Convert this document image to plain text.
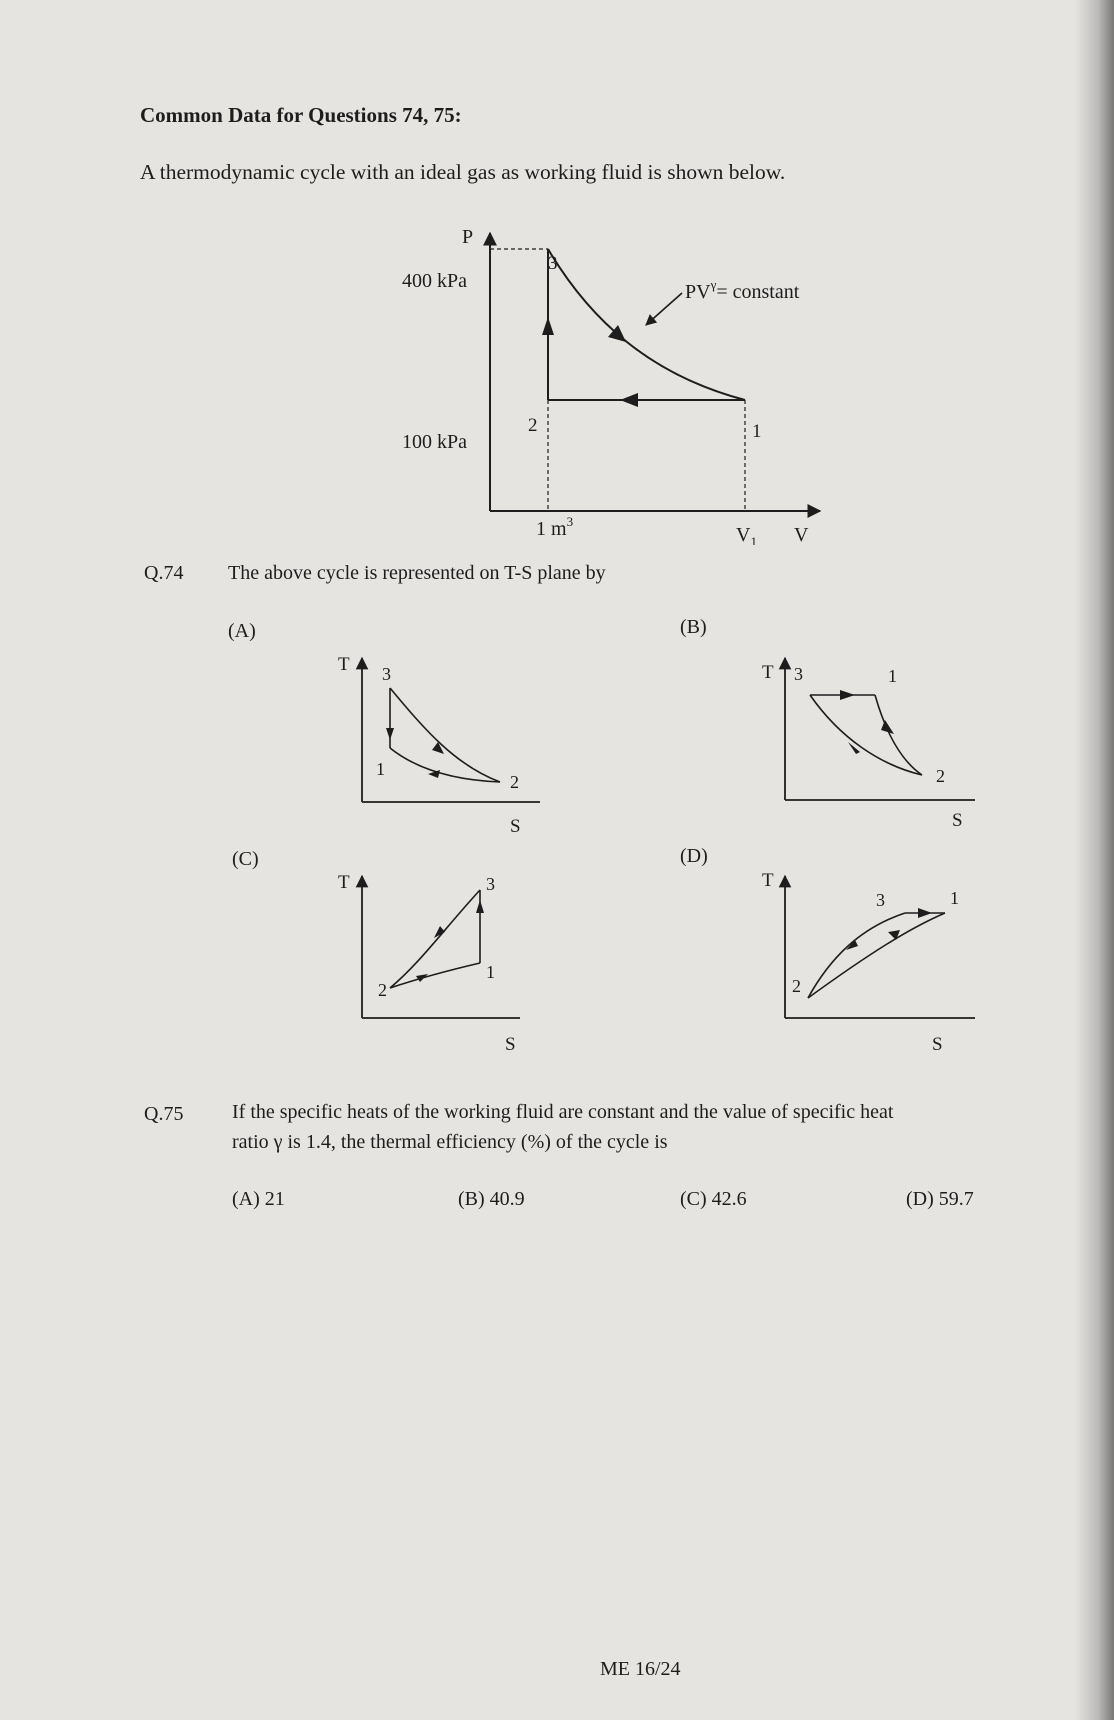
Common Data for Questions 74, 75:
A thermodynamic cycle with an ideal gas as working fluid is shown below.
P
V
400 kPa
100 kPa
1 $m^3$
$V_1$
$PV^\gamma=$ constant
3
2	1
Q.74 The above cycle is represented on T-S plane by
(A)	(B)
(C)	(D)
T
S
3
1
2
T
S
3	1
2
T
S
3
2
1
T
S
3	1
2
Q.75 If the specific heats of the working fluid are constant and the value of specific heat
ratio γ is 1.4, the thermal efficiency (%) of the cycle is
(A) 21	(B) 40.9	(C) 42.6	(D) 59.7
ME 16/24
